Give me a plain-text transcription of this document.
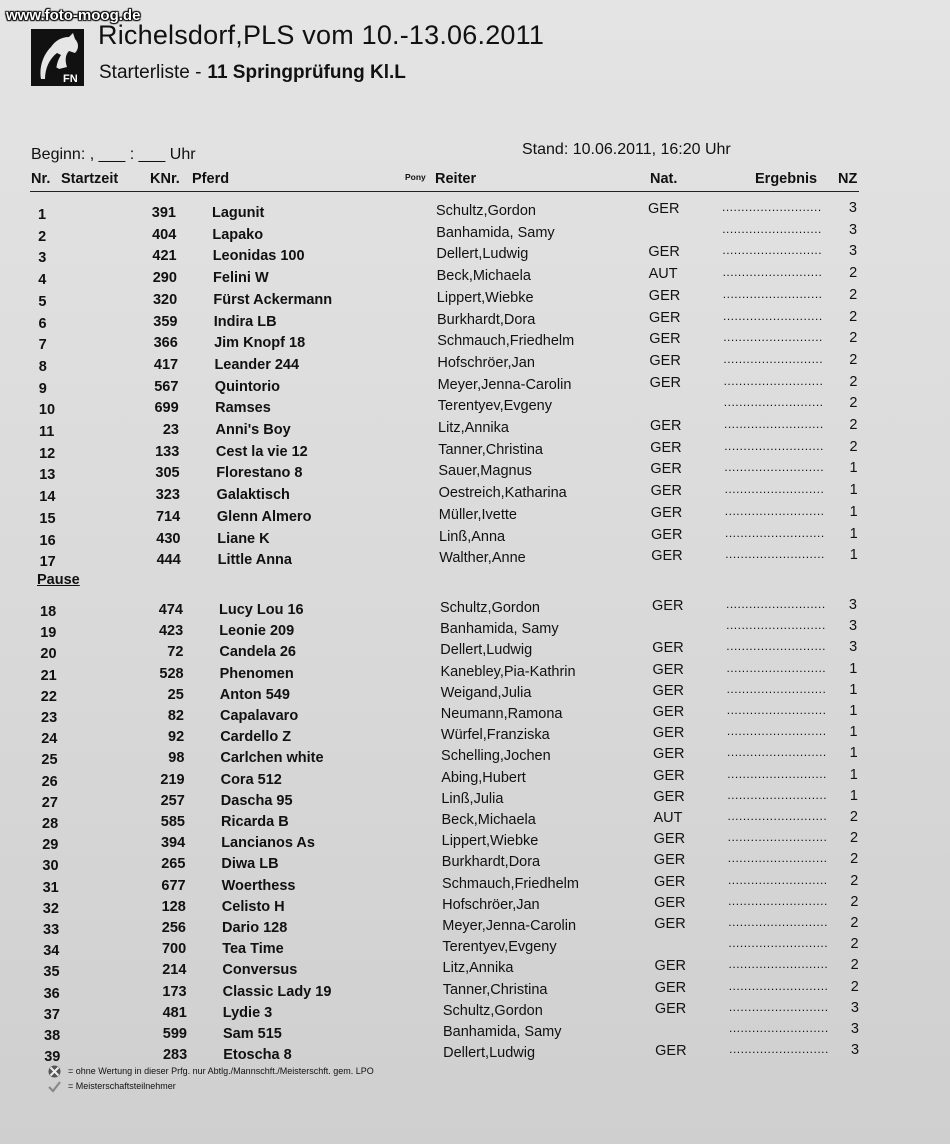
www.foto-moog.de
FN
Richelsdorf,PLS vom 10.-13.06.2011
Starterliste - 11 Springprüfung Kl.L
Beginn: , ___ : ___ Uhr	Stand: 10.06.2011, 16:20 Uhr
Nr. Startzeit KNr. Pferd	Pony Reiter	Nat.	Ergebnis NZ
1	391 Lagunit	Schultz,Gordon	GER	..........................	3
2	404 Lapako	Banhamida, Samy	..........................	3
3	421 Leonidas 100	Dellert,Ludwig	GER	..........................	3
4	290 Felini W	Beck,Michaela	AUT	..........................	2
5	320 Fürst Ackermann	Lippert,Wiebke	GER	..........................	2
6	359	Indira LB	Burkhardt,Dora	GER	..........................	2
7	366	Jim Knopf 18	Schmauch,Friedhelm	GER	..........................	2
8	417	Leander 244	Hofschröer,Jan	GER	..........................	2
9	567	Quintorio	Meyer,Jenna-Carolin	GER	..........................	2
10	699	Ramses	Terentyev,Evgeny	..........................	2
11	23	Anni's Boy	Litz,Annika	GER	..........................	2
12	133	Cest la vie 12	Tanner,Christina	GER	..........................	2
13	305	Florestano 8	Sauer,Magnus	GER	..........................	1
14	323	Galaktisch	Oestreich,Katharina	GER	..........................	1
15	714	Glenn Almero	Müller,Ivette	GER	..........................	1
16	430	Liane K	Linß,Anna	GER	..........................	1
17	444	Little Anna	Walther,Anne	GER	..........................	1
Pause
18	474 Lucy Lou 16	Schultz,Gordon	GER	..........................	3
19	423 Leonie 209	Banhamida, Samy	..........................	3
20	72 Candela 26	Dellert,Ludwig	GER	..........................	3
21	528 Phenomen	Kanebley,Pia-Kathrin	GER	..........................	1
22	25 Anton 549	Weigand,Julia	GER	..........................	1
23	82 Capalavaro	Neumann,Ramona	GER	..........................	1
24	92 Cardello Z	Würfel,Franziska	GER	..........................	1
25	98 Carlchen white	Schelling,Jochen	GER	..........................	1
26	219 Cora 512	Abing,Hubert	GER	..........................	1
27	257 Dascha 95	Linß,Julia	GER	..........................	1
28	585 Ricarda B	Beck,Michaela	AUT	..........................	2
29	394 Lancianos As	Lippert,Wiebke	GER	..........................	2
30	265 Diwa LB	Burkhardt,Dora	GER	..........................	2
31	677 Woerthess	Schmauch,Friedhelm	GER	..........................	2
32	128 Celisto H	Hofschröer,Jan	GER	..........................	2
33	256 Dario 128	Meyer,Jenna-Carolin	GER	..........................	2
34	700 Tea Time	Terentyev,Evgeny	..........................	2
35	214 Conversus	Litz,Annika	GER	..........................	2
36	173 Classic Lady 19	Tanner,Christina	GER	..........................	2
37	481 Lydie 3	Schultz,Gordon	GER	..........................	3
38	599 Sam 515	Banhamida, Samy	..........................	3
39	283 Etoscha 8	Dellert,Ludwig	GER	..........................	3
= ohne Wertung in dieser Prfg. nur Abtlg./Mannschft./Meisterschft. gem. LPO
= Meisterschaftsteilnehmer
